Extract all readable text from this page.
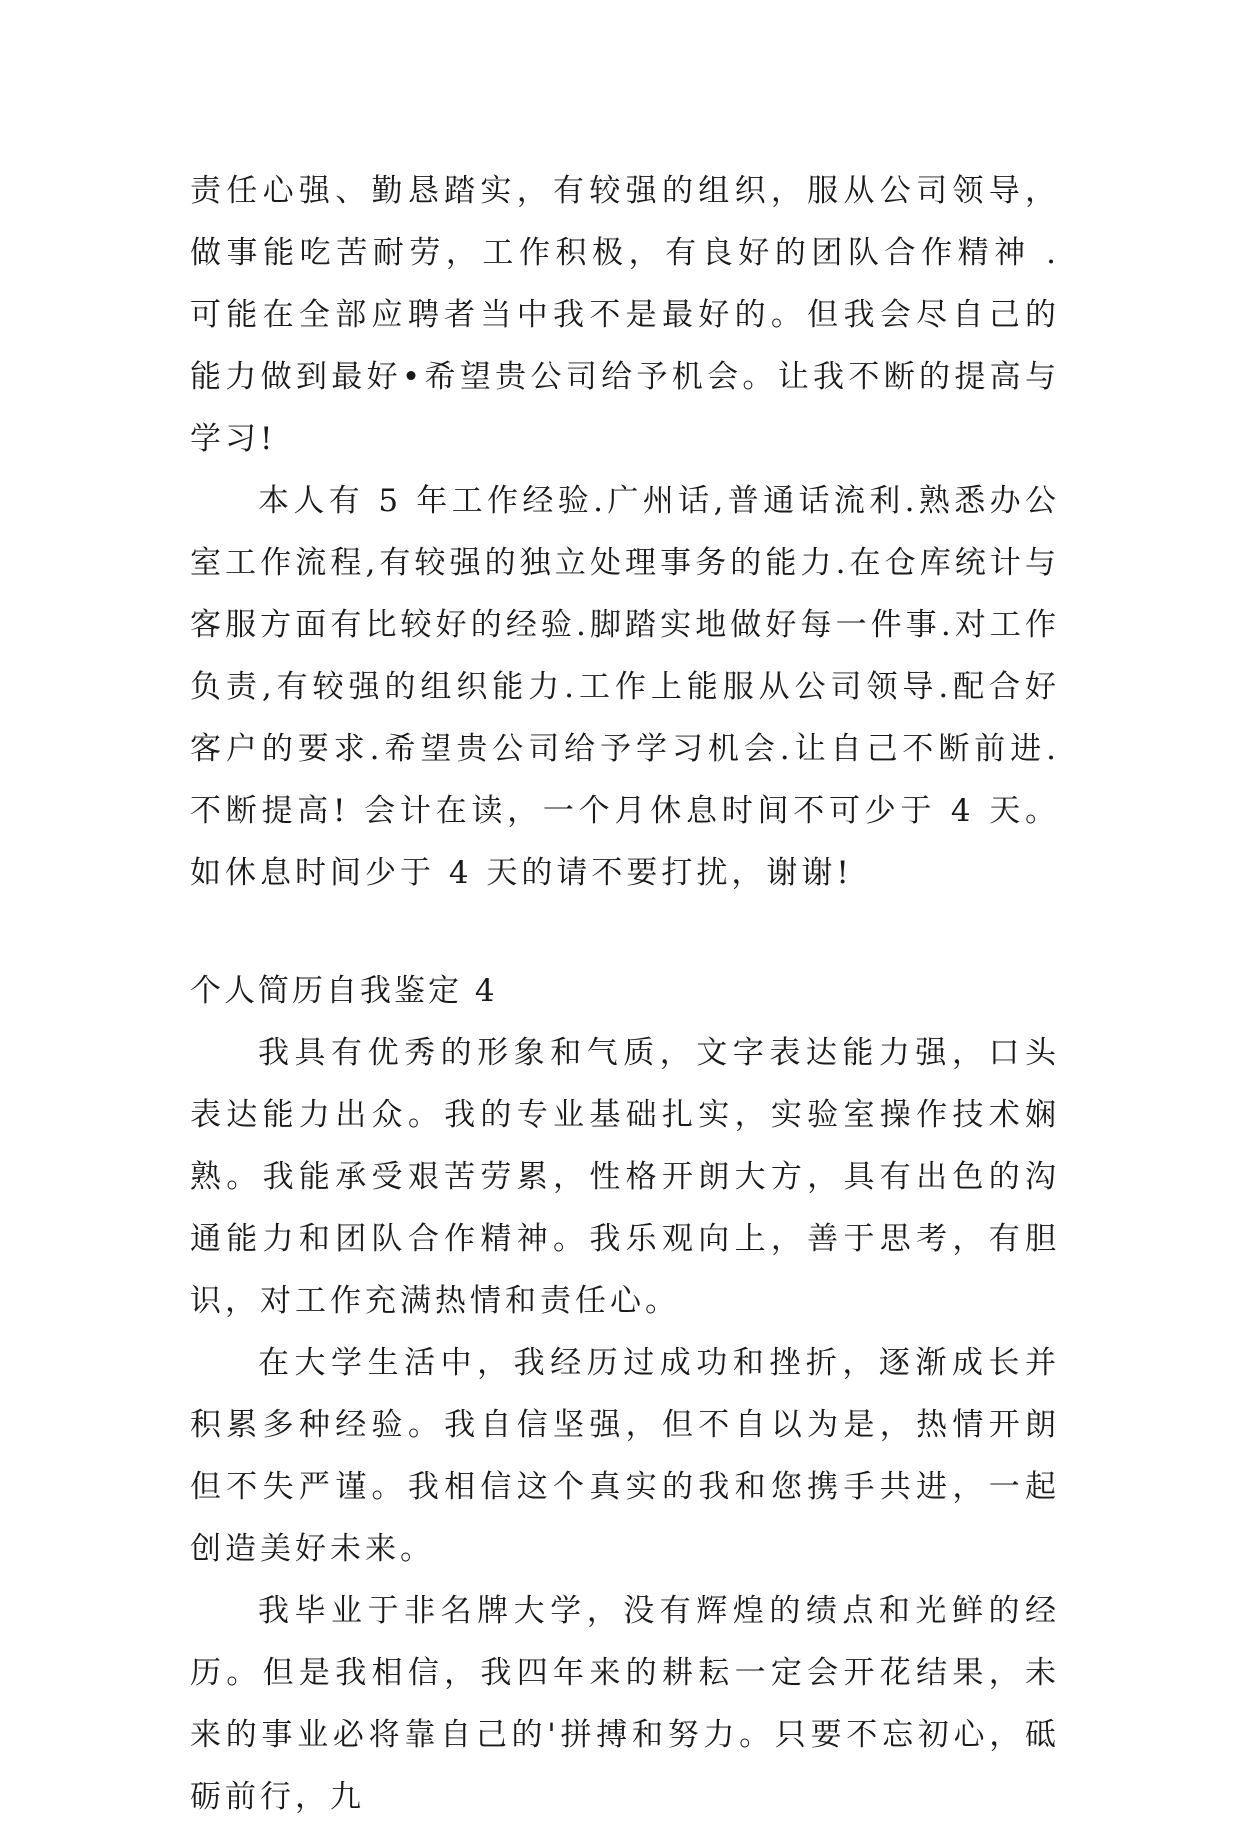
责任心强、勤恳踏实，有较强的组织，服从公司领导，做事能吃苦耐劳，工作积极，有良好的团队合作精神 . 可能在全部应聘者当中我不是最好的。但我会尽自己的能力做到最好•希望贵公司给予机会。让我不断的提高与学习!

本人有 5 年工作经验.广州话,普通话流利.熟悉办公室工作流程,有较强的独立处理事务的能力.在仓库统计与客服方面有比较好的经验.脚踏实地做好每一件事.对工作负责,有较强的组织能力.工作上能服从公司领导.配合好客户的要求.希望贵公司给予学习机会.让自己不断前进.不断提高! 会计在读，一个月休息时间不可少于 4 天。如休息时间少于 4 天的请不要打扰，谢谢!

个人简历自我鉴定 4

我具有优秀的形象和气质，文字表达能力强，口头表达能力出众。我的专业基础扎实，实验室操作技术娴熟。我能承受艰苦劳累，性格开朗大方，具有出色的沟通能力和团队合作精神。我乐观向上，善于思考，有胆识，对工作充满热情和责任心。

在大学生活中，我经历过成功和挫折，逐渐成长并积累多种经验。我自信坚强，但不自以为是，热情开朗但不失严谨。我相信这个真实的我和您携手共进，一起创造美好未来。

我毕业于非名牌大学，没有辉煌的绩点和光鲜的经历。但是我相信，我四年来的耕耘一定会开花结果，未来的事业必将靠自己的'拼搏和努力。只要不忘初心，砥砺前行，九
